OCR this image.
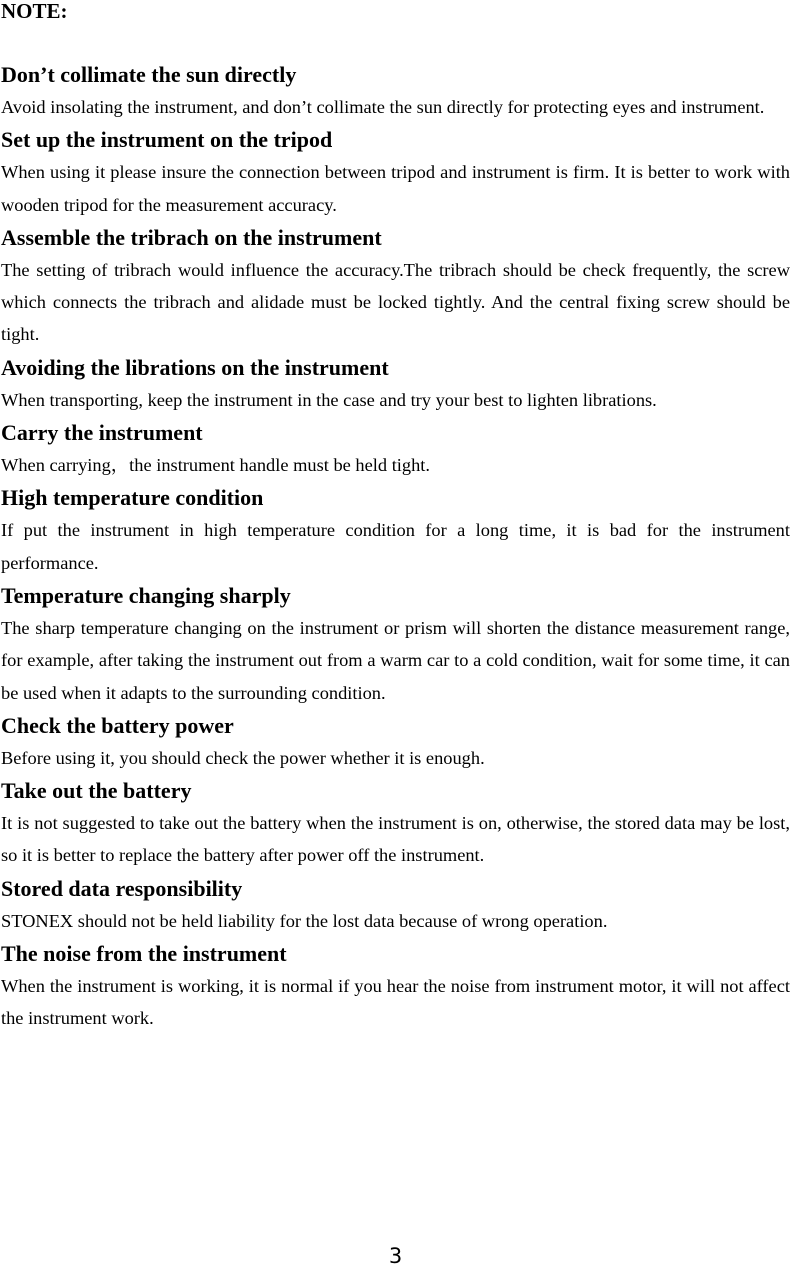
NOTE:
Don’t collimate the sun directly

Avoid insolating the instrument, and don’t collimate the sun directly for protecting eyes and instrument.

Set up the instrument on the tripod

When using it please insure the connection between tripod and instrument is firm. It is better to work with wooden tripod for the measurement accuracy.

Assemble the tribrach on the instrument

The setting of tribrach would influence the accuracy.The tribrach should be check frequently, the screw which connects the tribrach and alidade must be locked tightly. And the central fixing screw should be tight.

Avoiding the librations on the instrument

When transporting, keep the instrument in the case and try your best to lighten librations.

Carry the instrument

When carrying，the instrument handle must be held tight.

High temperature condition

If put the instrument in high temperature condition for a long time, it is bad for the instrument performance.

Temperature changing sharply

The sharp temperature changing on the instrument or prism will shorten the distance measurement range, for example, after taking the instrument out from a warm car to a cold condition, wait for some time, it can be used when it adapts to the surrounding condition.

Check the battery power

Before using it, you should check the power whether it is enough.

Take out the battery

It is not suggested to take out the battery when the instrument is on, otherwise, the stored data may be lost, so it is better to replace the battery after power off the instrument.

Stored data responsibility

STONEX should not be held liability for the lost data because of wrong operation.

The noise from the instrument

When the instrument is working, it is normal if you hear the noise from instrument motor, it will not affect the instrument work.

3
